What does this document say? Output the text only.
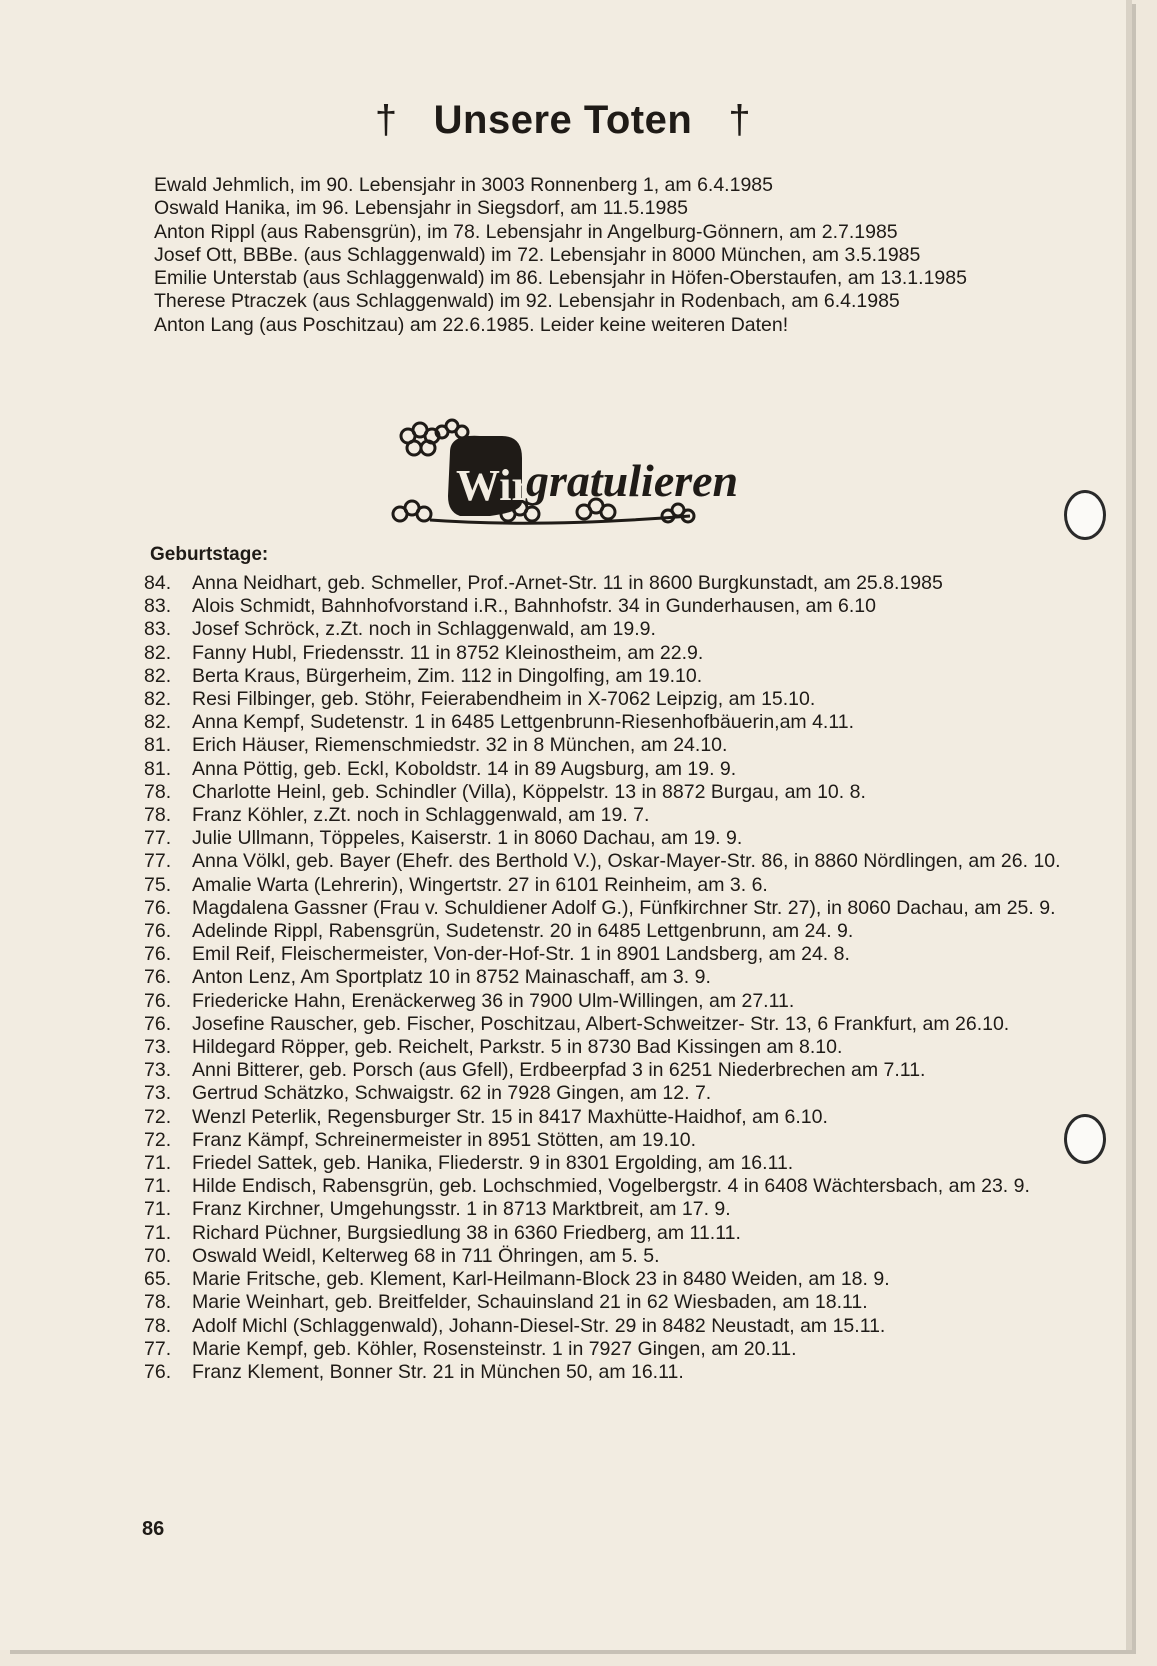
† Unsere Toten †
Ewald Jehmlich, im 90. Lebensjahr in 3003 Ronnenberg 1, am 6.4.1985
Oswald Hanika, im 96. Lebensjahr in Siegsdorf, am 11.5.1985
Anton Rippl (aus Rabensgrün), im 78. Lebensjahr in Angelburg-Gönnern, am 2.7.1985
Josef Ott, BBBe. (aus Schlaggenwald) im 72. Lebensjahr in 8000 München, am 3.5.1985
Emilie Unterstab (aus Schlaggenwald) im 86. Lebensjahr in Höfen-Oberstaufen, am 13.1.1985
Therese Ptraczek (aus Schlaggenwald) im 92. Lebensjahr in Rodenbach, am 6.4.1985
Anton Lang (aus Poschitzau) am 22.6.1985. Leider keine weiteren Daten!
Wir
gratulieren
Geburtstage:
84.	Anna Neidhart, geb. Schmeller, Prof.-Arnet-Str. 11 in 8600 Burgkunstadt, am 25.8.1985
83.	Alois Schmidt, Bahnhofvorstand i.R., Bahnhofstr. 34 in Gunderhausen, am 6.10
83.	Josef Schröck, z.Zt. noch in Schlaggenwald, am 19.9.
82.	Fanny Hubl, Friedensstr. 11 in 8752 Kleinostheim, am 22.9.
82.	Berta Kraus, Bürgerheim, Zim. 112 in Dingolfing, am 19.10.
82.	Resi Filbinger, geb. Stöhr, Feierabendheim in X-7062 Leipzig, am 15.10.
82.	Anna Kempf, Sudetenstr. 1 in 6485 Lettgenbrunn-Riesenhofbäuerin,am 4.11.
81.	Erich Häuser, Riemenschmiedstr. 32 in 8 München, am 24.10.
81.	Anna Pöttig, geb. Eckl, Koboldstr. 14 in 89 Augsburg, am 19. 9.
78.	Charlotte Heinl, geb. Schindler (Villa), Köppelstr. 13 in 8872 Burgau, am 10. 8.
78.	Franz Köhler, z.Zt. noch in Schlaggenwald, am 19. 7.
77.	Julie Ullmann, Töppeles, Kaiserstr. 1 in 8060 Dachau, am 19. 9.
77.	Anna Völkl, geb. Bayer (Ehefr. des Berthold V.), Oskar-Mayer-Str. 86, in 8860 Nördlingen, am 26. 10.
75.	Amalie Warta (Lehrerin), Wingertstr. 27 in 6101 Reinheim, am 3. 6.
76.	Magdalena Gassner (Frau v. Schuldiener Adolf G.), Fünfkirchner Str. 27), in 8060 Dachau, am 25. 9.
76.	Adelinde Rippl, Rabensgrün, Sudetenstr. 20 in 6485 Lettgenbrunn, am 24. 9.
76.	Emil Reif, Fleischermeister, Von-der-Hof-Str. 1 in 8901 Landsberg, am 24. 8.
76.	Anton Lenz, Am Sportplatz 10 in 8752 Mainaschaff, am 3. 9.
76.	Friedericke Hahn, Erenäckerweg 36 in 7900 Ulm-Willingen, am 27.11.
76.	Josefine Rauscher, geb. Fischer, Poschitzau, Albert-Schweitzer- Str. 13, 6 Frankfurt, am 26.10.
73.	Hildegard Röpper, geb. Reichelt, Parkstr. 5 in 8730 Bad Kissingen am 8.10.
73.	Anni Bitterer, geb. Porsch (aus Gfell), Erdbeerpfad 3 in 6251 Niederbrechen am 7.11.
73.	Gertrud Schätzko, Schwaigstr. 62 in 7928 Gingen, am 12. 7.
72.	Wenzl Peterlik, Regensburger Str. 15 in 8417 Maxhütte-Haidhof, am 6.10.
72.	Franz Kämpf, Schreinermeister in 8951 Stötten, am 19.10.
71.	Friedel Sattek, geb. Hanika, Fliederstr. 9 in 8301 Ergolding, am 16.11.
71.	Hilde Endisch, Rabensgrün, geb. Lochschmied, Vogelbergstr. 4 in 6408 Wächtersbach, am 23. 9.
71.	Franz Kirchner, Umgehungsstr. 1 in 8713 Marktbreit, am 17. 9.
71.	Richard Püchner, Burgsiedlung 38 in 6360 Friedberg, am 11.11.
70.	Oswald Weidl, Kelterweg 68 in 711 Öhringen, am 5. 5.
65.	Marie Fritsche, geb. Klement, Karl-Heilmann-Block 23 in 8480 Weiden, am 18. 9.
78.	Marie Weinhart, geb. Breitfelder, Schauinsland 21 in 62 Wiesbaden, am 18.11.
78.	Adolf Michl (Schlaggenwald), Johann-Diesel-Str. 29 in 8482 Neustadt, am 15.11.
77.	Marie Kempf, geb. Köhler, Rosensteinstr. 1 in 7927 Gingen, am 20.11.
76.	Franz Klement, Bonner Str. 21 in München 50, am 16.11.
86
